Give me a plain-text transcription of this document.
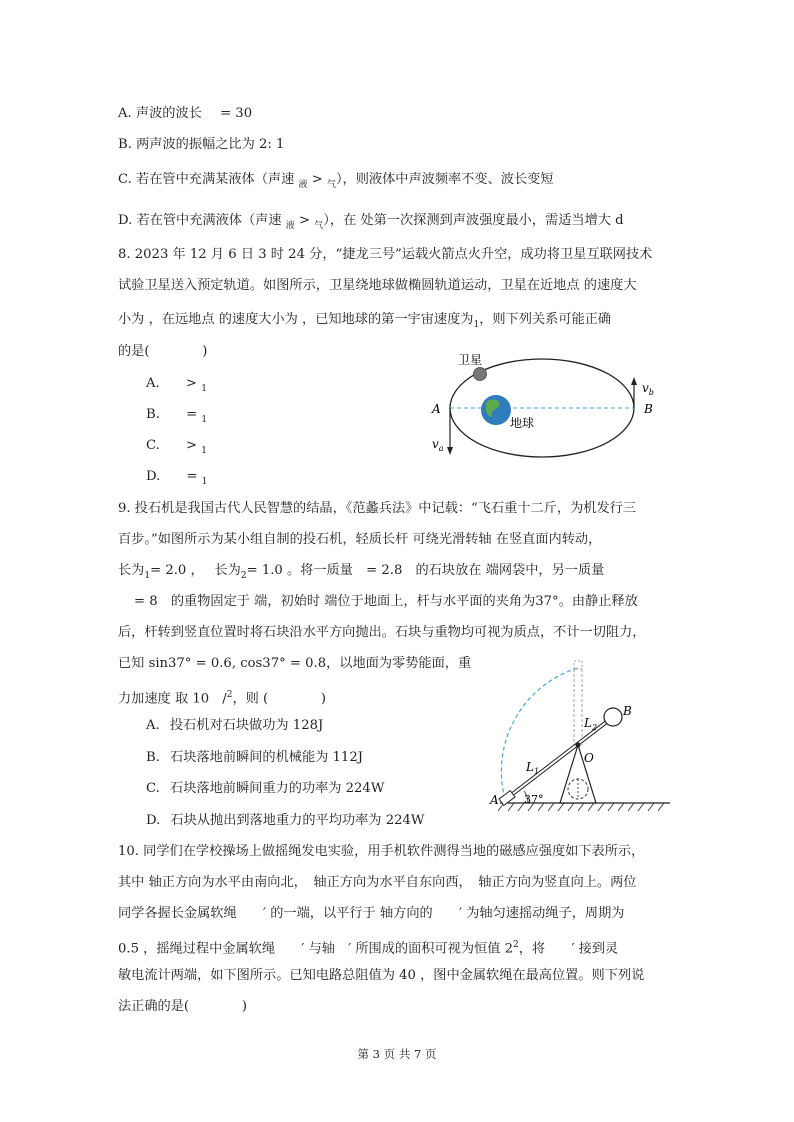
A. 声波的波长 = 30
B. 两声波的振幅之比为 2: 1
C. 若在管中充满某液体（声速 $_液$ > $_气$），则液体中声波频率不变、波长变短
D. 若在管中充满液体（声速 $_液$ > $_气$），在 处第一次探测到声波强度最小，需适当增大 d
8. 2023 年 12 月 6 日 3 时 24 分，“捷龙三号”运载火箭点火升空，成功将卫星互联网技术
试验卫星送入预定轨道。如图所示，卫星绕地球做椭圆轨道运动，卫星在近地点 的速度大
小为 ，在远地点 的速度大小为 ，已知地球的第一宇宙速度为$_1$，则下列关系可能正确
的是(　　　　)
A. > $_1$
B. = $_1$
C. > $_1$
D. = $_1$
卫星
地球
A	B
$v_a$
$v_b$
9. 投石机是我国古代人民智慧的结晶，《范蠡兵法》中记载：“飞石重十二斤，为机发行三
百步。”如图所示为某小组自制的投石机，轻质长杆 可绕光滑转轴 在竖直面内转动，
长为$_1$= 2.0 ，　 长为$_2$= 1.0 。将一质量　= 2.8　的石块放在 端网袋中，另一质量
= 8　的重物固定于 端，初始时 端位于地面上，杆与水平面的夹角为37°。由静止释放
后，杆转到竖直位置时将石块沿水平方向抛出。石块与重物均可视为质点，不计一切阻力，
已知 sin37° = 0.6, cos37° = 0.8，以地面为零势能面，重
力加速度 取 10　/$^2$，则 (　　　　)
A. 投石机对石块做功为 128J
B. 石块落地前瞬间的机械能为 112J
C. 石块落地前瞬间重力的功率为 224W
D. 石块从抛出到落地重力的平均功率为 224W
A 37°
O
B
$L_1$
$L_2$
10. 同学们在学校操场上做摇绳发电实验，用手机软件测得当地的磁感应强度如下表所示，
其中 轴正方向为水平由南向北，　轴正方向为水平自东向西，　轴正方向为竖直向上。两位
同学各握长金属软绳　　′ 的一端，以平行于 轴方向的　　′ 为轴匀速摇动绳子，周期为
0.5 ，摇绳过程中金属软绳　　′ 与轴　′ 所围成的面积可视为恒值 $2^2$，将　　′ 接到灵
敏电流计两端，如下图所示。已知电路总阻值为 40 ，图中金属软绳在最高位置。则下列说
法正确的是(　　　　)
第 3 页 共 7 页
